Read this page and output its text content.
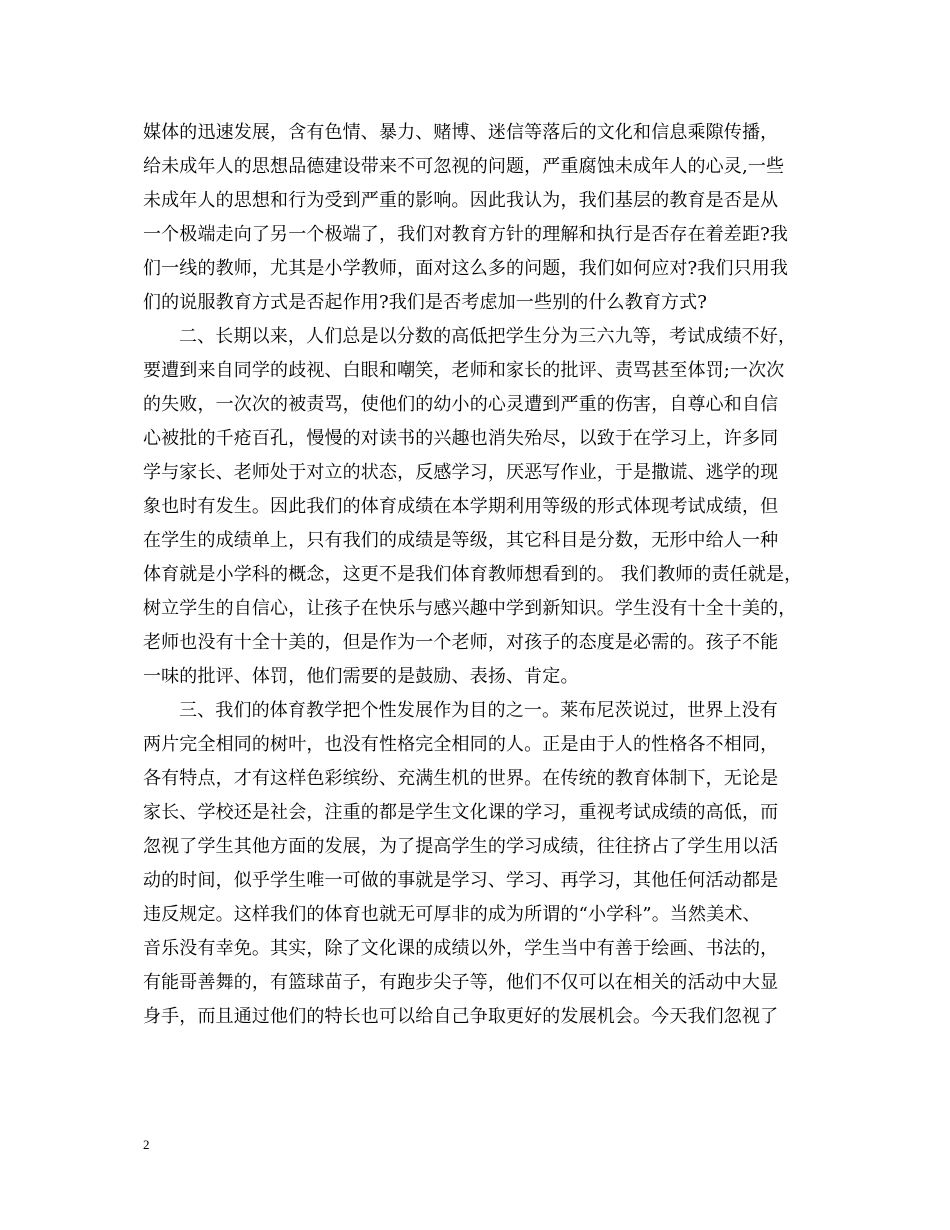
媒体的迅速发展，含有色情、暴力、赌博、迷信等落后的文化和信息乘隙传播，
给未成年人的思想品德建设带来不可忽视的问题，严重腐蚀未成年人的心灵,一些
未成年人的思想和行为受到严重的影响。因此我认为，我们基层的教育是否是从
一个极端走向了另一个极端了，我们对教育方针的理解和执行是否存在着差距?我
们一线的教师，尤其是小学教师，面对这么多的问题，我们如何应对?我们只用我
们的说服教育方式是否起作用?我们是否考虑加一些别的什么教育方式?
二、长期以来，人们总是以分数的高低把学生分为三六九等，考试成绩不好，
要遭到来自同学的歧视、白眼和嘲笑，老师和家长的批评、责骂甚至体罚;一次次
的失败，一次次的被责骂，使他们的幼小的心灵遭到严重的伤害，自尊心和自信
心被批的千疮百孔，慢慢的对读书的兴趣也消失殆尽，以致于在学习上，许多同
学与家长、老师处于对立的状态，反感学习，厌恶写作业，于是撒谎、逃学的现
象也时有发生。因此我们的体育成绩在本学期利用等级的形式体现考试成绩，但
在学生的成绩单上，只有我们的成绩是等级，其它科目是分数，无形中给人一种
体育就是小学科的概念，这更不是我们体育教师想看到的。 我们教师的责任就是，
树立学生的自信心，让孩子在快乐与感兴趣中学到新知识。学生没有十全十美的，
老师也没有十全十美的，但是作为一个老师，对孩子的态度是必需的。孩子不能
一味的批评、体罚，他们需要的是鼓励、表扬、肯定。
三、我们的体育教学把个性发展作为目的之一。莱布尼茨说过，世界上没有
两片完全相同的树叶，也没有性格完全相同的人。正是由于人的性格各不相同，
各有特点，才有这样色彩缤纷、充满生机的世界。在传统的教育体制下，无论是
家长、学校还是社会，注重的都是学生文化课的学习，重视考试成绩的高低，而
忽视了学生其他方面的发展，为了提高学生的学习成绩，往往挤占了学生用以活
动的时间，似乎学生唯一可做的事就是学习、学习、再学习，其他任何活动都是
违反规定。这样我们的体育也就无可厚非的成为所谓的“小学科”。当然美术、
音乐没有幸免。其实，除了文化课的成绩以外，学生当中有善于绘画、书法的，
有能哥善舞的，有篮球苗子，有跑步尖子等，他们不仅可以在相关的活动中大显
身手，而且通过他们的特长也可以给自己争取更好的发展机会。今天我们忽视了
2
